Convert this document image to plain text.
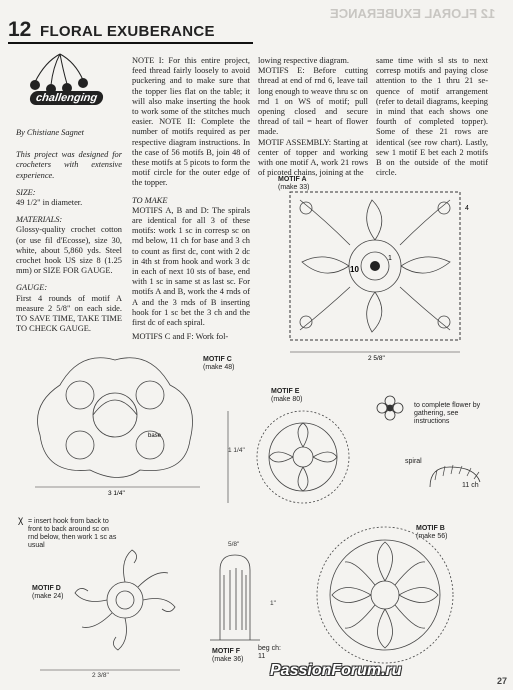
12 FLORAL EXUBERANCE
12 FLORAL EXUBERANCE
challenging

By Chistiane Sagnet

This project was designed for crocheters with extensive experience.

SIZE:

49 1/2" in diameter.

MATERIALS:

Glossy-quality crochet cotton (or use fil d'Ecosse), size 30, white, about 5,860 yds. Steel crochet hook US size 8 (1.25 mm) or SIZE FOR GAUGE.

GAUGE:

First 4 rounds of motif A measure 2 5/8" on each side. TO SAVE TIME, TAKE TIME TO CHECK GAUGE.

NOTE I: For this entire project, feed thread fairly loosely to avoid puckering and to make sure that the topper lies flat on the table; it will also make inserting the hook to work some of the stitches much easier. NOTE II: Complete the number of motifs required as per respective diagram instructions. In the case of 56 motifs B, join 48 of these motifs at 5 picots to form the motif circle for the outer edge of the topper.

TO MAKE

MOTIFS A, B and D: The spirals are identical for all 3 of these motifs: work 1 sc in corresp sc on rnd below, 11 ch for base and 3 ch to count as first dc, cont with 2 dc in 4th st from hook and work 3 dc in each of next 10 sts of base, end with 1 sc in same st as last sc. For motifs A and B, work the 4 rnds of A and the 3 rnds of B inserting hook for 1 sc bet the 3 ch and the first dc of each spiral.

MOTIFS C and F: Work fol-

lowing respective diagram.

MOTIFS E: Before cutting thread at end of rnd 6, leave tail long enough to weave thru sc on rnd 1 on WS of motif; pull opening closed and secure thread of tail = heart of flower made.

MOTIF ASSEMBLY: Starting at center of topper and working with one motif A, work 21 rows of picoted chains, joining at the

same time with sl sts to next corresp motifs and paying close attention to the 1 thru 21 se-quence of motif arrangement (refer to detail diagrams, keeping in mind that each shows one fourth of completed topper). Some of these 21 rows are identical (see row chart). Lastly, sew 1 motif E bet each 2 motifs B on the outside of the motif circle.

MOTIF A
(make 33)
10
4
1
2 5/8"
MOTIF C
(make 48)
base
3 1/4"
MOTIF E
(make 80)
1 1/4"
to complete flower by gathering, see instructions
spiral
11 ch
χ = insert hook from back to front to back around sc on rnd below, then work 1 sc as usual
MOTIF D
(make 24)
2 3/8"
5/8"
1"
MOTIF F
(make 36)
beg ch: 11
MOTIF B
(make 56)
PassionForum.ru
27
